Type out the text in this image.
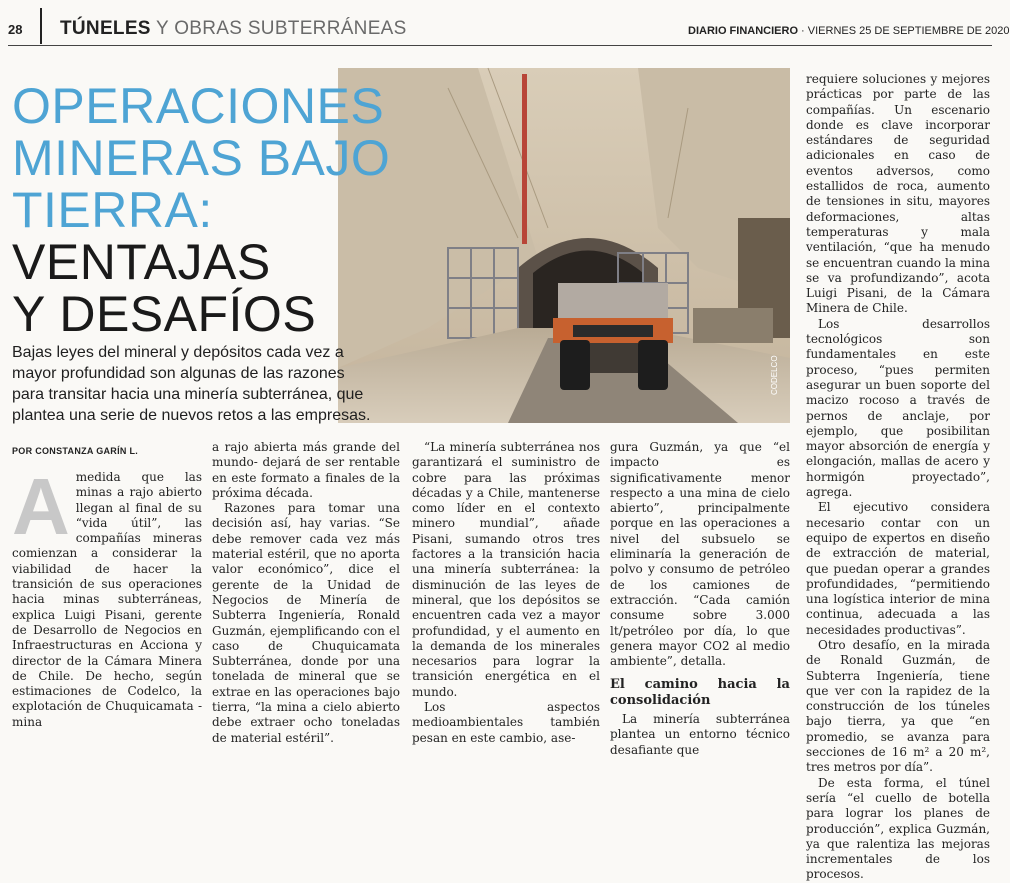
28 TÚNELES Y OBRAS SUBTERRÁNEAS	DIARIO FINANCIERO · VIERNES 25 DE SEPTIEMBRE DE 2020
CODELCO
OPERACIONES
MINERAS BAJO
TIERRA: VENTAJAS
Y DESAFÍOS
Bajas leyes del mineral y depósitos cada vez a mayor profundidad son algunas de las razones para transitar hacia una minería subterránea, que plantea una serie de nuevos retos a las empresas.
POR CONSTANZA GARÍN L.
A medida que las minas a rajo abierto llegan al final de su “vida útil”, las compañías mineras comienzan a considerar la viabilidad de hacer la transición de sus operaciones hacia minas subterráneas, explica Luigi Pisani, gerente de Desarrollo de Negocios en Infraestructuras en Acciona y director de la Cámara Minera de Chile. De hecho, según estimaciones de Codelco, la explotación de Chuquicamata -mina

a rajo abierta más grande del mundo- dejará de ser rentable en este formato a finales de la próxima década.

Razones para tomar una decisión así, hay varias. “Se debe remover cada vez más material estéril, que no aporta valor económico”, dice el gerente de la Unidad de Negocios de Minería de Subterra Ingeniería, Ronald Guzmán, ejemplificando con el caso de Chuquicamata Subterránea, donde por una tonelada de mineral que se extrae en las operaciones bajo tierra, “la mina a cielo abierto debe extraer ocho toneladas de material estéril”.

“La minería subterránea nos garantizará el suministro de cobre para las próximas décadas y a Chile, mantenerse como líder en el contexto minero mundial”, añade Pisani, sumando otros tres factores a la transición hacia una minería subterránea: la disminución de las leyes de mineral, que los depósitos se encuentren cada vez a mayor profundidad, y el aumento en la demanda de los minerales necesarios para lograr la transición energética en el mundo.

Los aspectos medioambientales también pesan en este cambio, ase-

gura Guzmán, ya que “el impacto es significativamente menor respecto a una mina de cielo abierto”, principalmente porque en las operaciones a nivel del subsuelo se eliminaría la generación de polvo y consumo de petróleo de los camiones de extracción. “Cada camión consume sobre 3.000 lt/petróleo por día, lo que genera mayor CO2 al medio ambiente”, detalla.

El camino hacia la consolidación

La minería subterránea plantea un entorno técnico desafiante que

requiere soluciones y mejores prácticas por parte de las compañías. Un escenario donde es clave incorporar estándares de seguridad adicionales en caso de eventos adversos, como estallidos de roca, aumento de tensiones in situ, mayores deformaciones, altas temperaturas y mala ventilación, “que ha menudo se encuentran cuando la mina se va profundizando”, acota Luigi Pisani, de la Cámara Minera de Chile.

Los desarrollos tecnológicos son fundamentales en este proceso, “pues permiten asegurar un buen soporte del macizo rocoso a través de pernos de anclaje, por ejemplo, que posibilitan mayor absorción de energía y elongación, mallas de acero y hormigón proyectado”, agrega.

El ejecutivo considera necesario contar con un equipo de expertos en diseño de extracción de material, que puedan operar a grandes profundidades, “permitiendo una logística interior de mina continua, adecuada a las necesidades productivas”.

Otro desafío, en la mirada de Ronald Guzmán, de Subterra Ingeniería, tiene que ver con la rapidez de la construcción de los túneles bajo tierra, ya que “en promedio, se avanza para secciones de 16 m² a 20 m², tres metros por día”.

De esta forma, el túnel sería “el cuello de botella para lograr los planes de producción”, explica Guzmán, ya que ralentiza las mejoras incrementales de los procesos.
